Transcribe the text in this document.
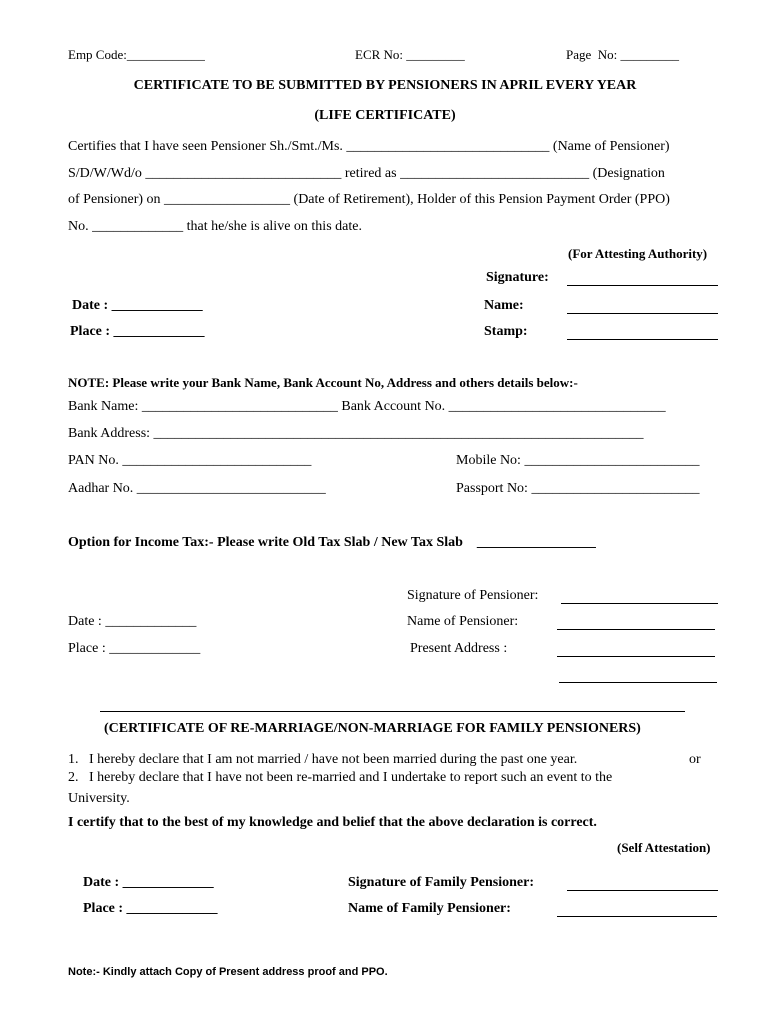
Emp Code:____________	ECR No: _________	Page  No: _________
CERTIFICATE TO BE SUBMITTED BY PENSIONERS IN APRIL EVERY YEAR
(LIFE CERTIFICATE)
Certifies that I have seen Pensioner Sh./Smt./Ms. _____________________________ (Name of Pensioner)
S/D/W/Wd/o ____________________________ retired as ___________________________ (Designation
of Pensioner) on __________________ (Date of Retirement), Holder of this Pension Payment Order (PPO)
No. _____________ that he/she is alive on this date.
(For Attesting Authority)
Signature:
Name:
Stamp:
Date : _____________
Place : _____________
NOTE: Please write your Bank Name, Bank Account No, Address and others details below:-
Bank Name: ____________________________ Bank Account No. _______________________________
Bank Address: ______________________________________________________________________
PAN No. ___________________________	Mobile No: _________________________
Aadhar No. ___________________________	Passport No: ________________________
Option for Income Tax:- Please write Old Tax Slab / New Tax Slab    _________________
Signature of Pensioner:
Name of Pensioner:
Present Address :
Date : _____________
Place : _____________
(CERTIFICATE OF RE-MARRIAGE/NON-MARRIAGE FOR FAMILY PENSIONERS)
1.   I hereby declare that I am not married / have not been married during the past one year.	or
2.   I hereby declare that I have not been re-married and I undertake to report such an event to the
University.
I certify that to the best of my knowledge and belief that the above declaration is correct.
(Self Attestation)
Date : _____________
Place : _____________
Signature of Family Pensioner:
Name of Family Pensioner:
Note:- Kindly attach Copy of Present address proof and PPO.
